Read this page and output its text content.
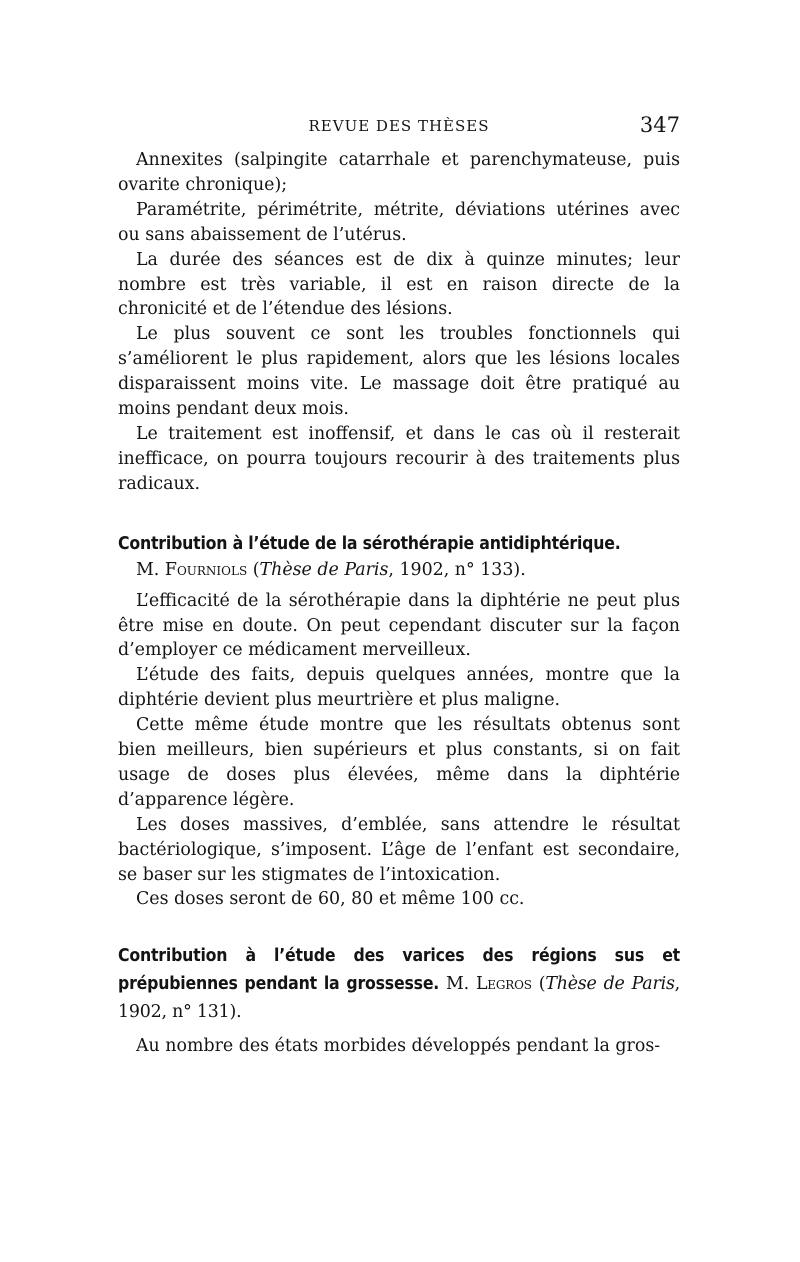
REVUE DES THÈSES	347

Annexites (salpingite catarrhale et parenchymateuse, puis ovarite chronique);

Paramétrite, périmétrite, métrite, déviations utérines avec ou sans abaissement de l’utérus.

La durée des séances est de dix à quinze minutes; leur nombre est très variable, il est en raison directe de la chronicité et de l’étendue des lésions.

Le plus souvent ce sont les troubles fonctionnels qui s’améliorent le plus rapidement, alors que les lésions locales disparaissent moins vite. Le massage doit être pratiqué au moins pendant deux mois.

Le traitement est inoffensif, et dans le cas où il resterait inefficace, on pourra toujours recourir à des traitements plus radicaux.

Contribution à l’étude de la sérothérapie antidiphtérique.

M. Fourniols (Thèse de Paris, 1902, n° 133).

L’efficacité de la sérothérapie dans la diphtérie ne peut plus être mise en doute. On peut cependant discuter sur la façon d’employer ce médicament merveilleux.

L’étude des faits, depuis quelques années, montre que la diphtérie devient plus meurtrière et plus maligne.

Cette même étude montre que les résultats obtenus sont bien meilleurs, bien supérieurs et plus constants, si on fait usage de doses plus élevées, même dans la diphtérie d’apparence légère.

Les doses massives, d’emblée, sans attendre le résultat bactériologique, s’imposent. L’âge de l’enfant est secondaire, se baser sur les stigmates de l’intoxication.

Ces doses seront de 60, 80 et même 100 cc.

Contribution à l’étude des varices des régions sus et prépubiennes pendant la grossesse. M. Legros (Thèse de Paris, 1902, n° 131).

Au nombre des états morbides développés pendant la gros-
